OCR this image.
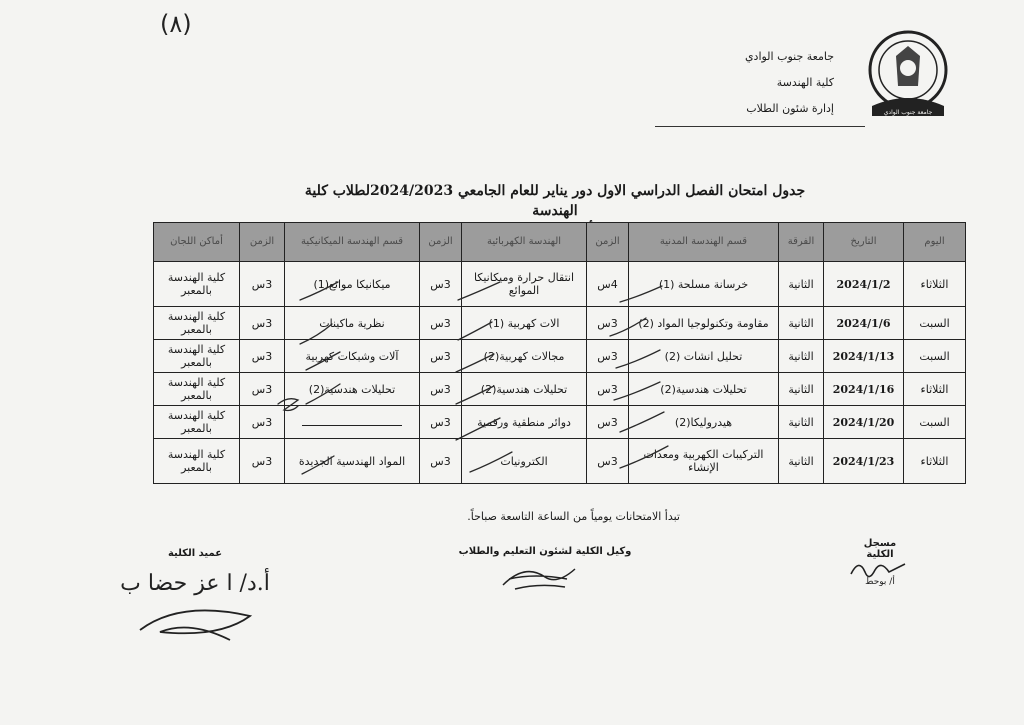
(٨)
جامعة جنوب الوادي
كلية الهندسة
إدارة شئون الطلاب	جامعة جنوب الوادي
جدول امتحان الفصل الدراسي الاول دور يناير للعام الجامعي 2024/2023لطلاب كلية الهندسة
اليوم	التاريخ	الفرقة	قسم الهندسة المدنية	الزمن	الهندسة الكهربائية	الزمن	قسم الهندسة الميكانيكية	الزمن	أماكن اللجان
الثلاثاء	2024/1/2	الثانية	خرسانة مسلحة (1)	4س	انتقال حرارة وميكانيكا الموائع	3س	ميكانيكا موائع(1)	3س	كلية الهندسة بالمعبر
السبت	2024/1/6	الثانية	مقاومة وتكنولوجيا المواد (2)	3س	الات كهربية (1)	3س	نظرية ماكينات	3س	كلية الهندسة بالمعبر
السبت	2024/1/13	الثانية	تحليل انشات (2)	3س	مجالات كهربية(2)	3س	آلات وشبكات كهربية	3س	كلية الهندسة بالمعبر
الثلاثاء	2024/1/16	الثانية	تحليلات هندسية(2)	3س	تحليلات هندسية(2)	3س	تحليلات هندسية(2)	3س	كلية الهندسة بالمعبر
السبت	2024/1/20	الثانية	هيدروليكا(2)	3س	دوائر منطقية ورقمية	3س		3س	كلية الهندسة بالمعبر
الثلاثاء	2024/1/23	الثانية	التركيبات الكهربية ومعدات الإنشاء	3س	الكترونيات	3س	المواد الهندسية الجديدة	3س	كلية الهندسة بالمعبر
تبدأ الامتحانات يومياً من الساعة التاسعة صباحاً.
مسجل الكلية
أ/ بوحط
وكيل الكلية لشئون التعليم والطلاب
عميد الكلية
أ.د/ ا عز حضا ب
